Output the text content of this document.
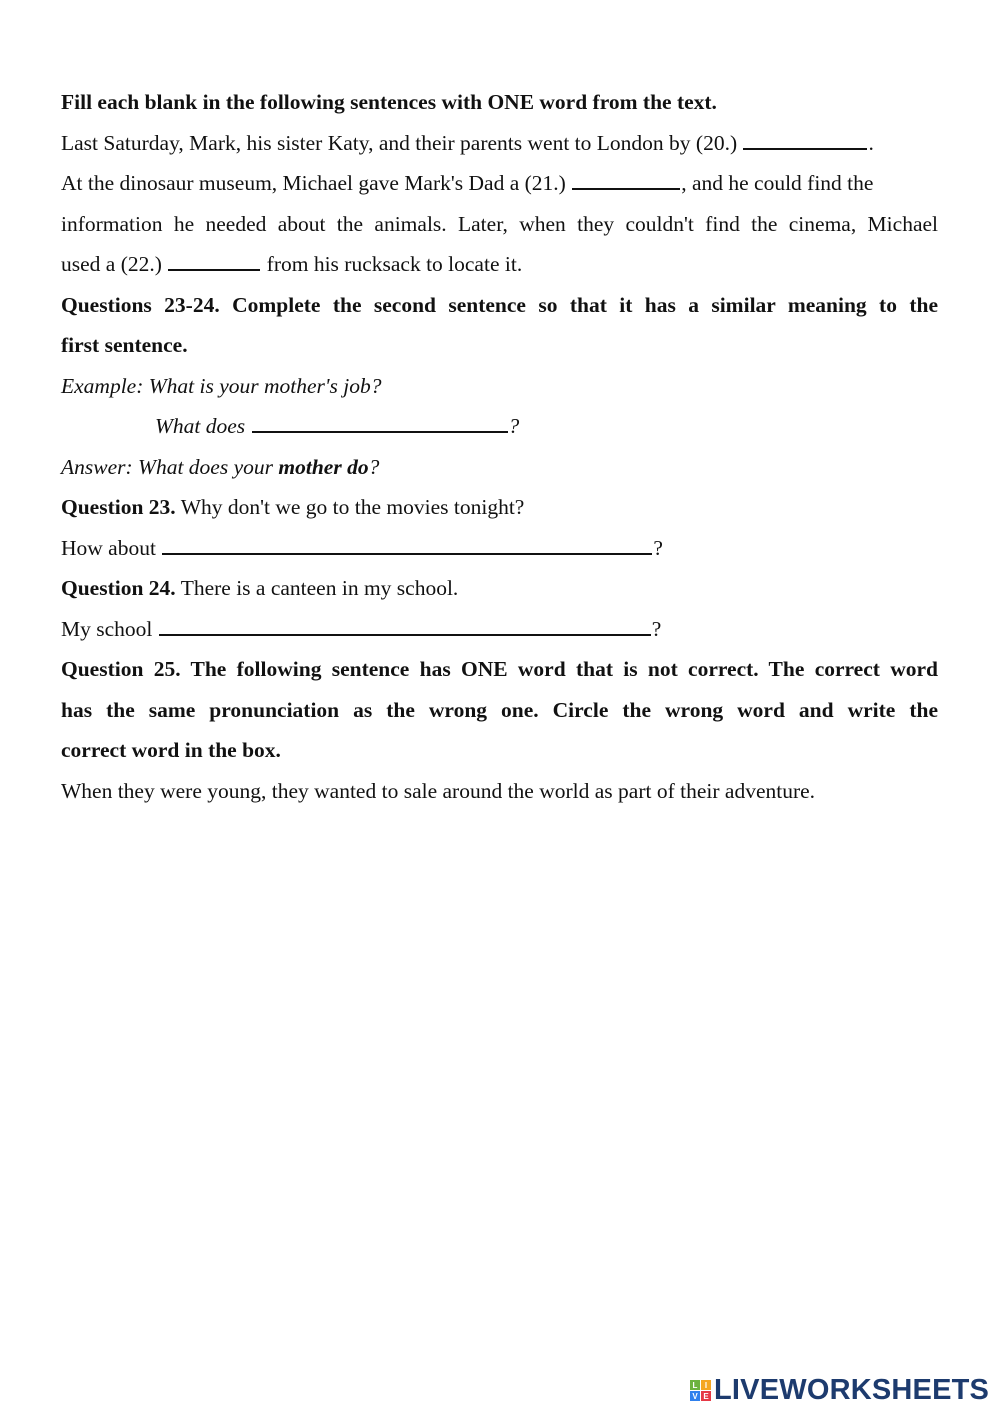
Fill each blank in the following sentences with ONE word from the text.
Last Saturday, Mark, his sister Katy, and their parents went to London by (20.)	.
At the dinosaur museum, Michael gave Mark's Dad a (21.)	, and he could find the
information he needed about the animals. Later, when they couldn't find the cinema, Michael
used a (22.)	from his rucksack to locate it.
Questions 23-24. Complete the second sentence so that it has a similar meaning to the
first sentence.
Example: What is your mother's job?
What does	?
Answer: What does your mother do?
Question 23. Why don't we go to the movies tonight?
How about	?
Question 24. There is a canteen in my school.
My school	?
Question 25. The following sentence has ONE word that is not correct. The correct word
has the same pronunciation as the wrong one. Circle the wrong word and write the
correct word in the box.
When they were young, they wanted to sale around the world as part of their adventure.
L I
V E LIVEWORKSHEETS
